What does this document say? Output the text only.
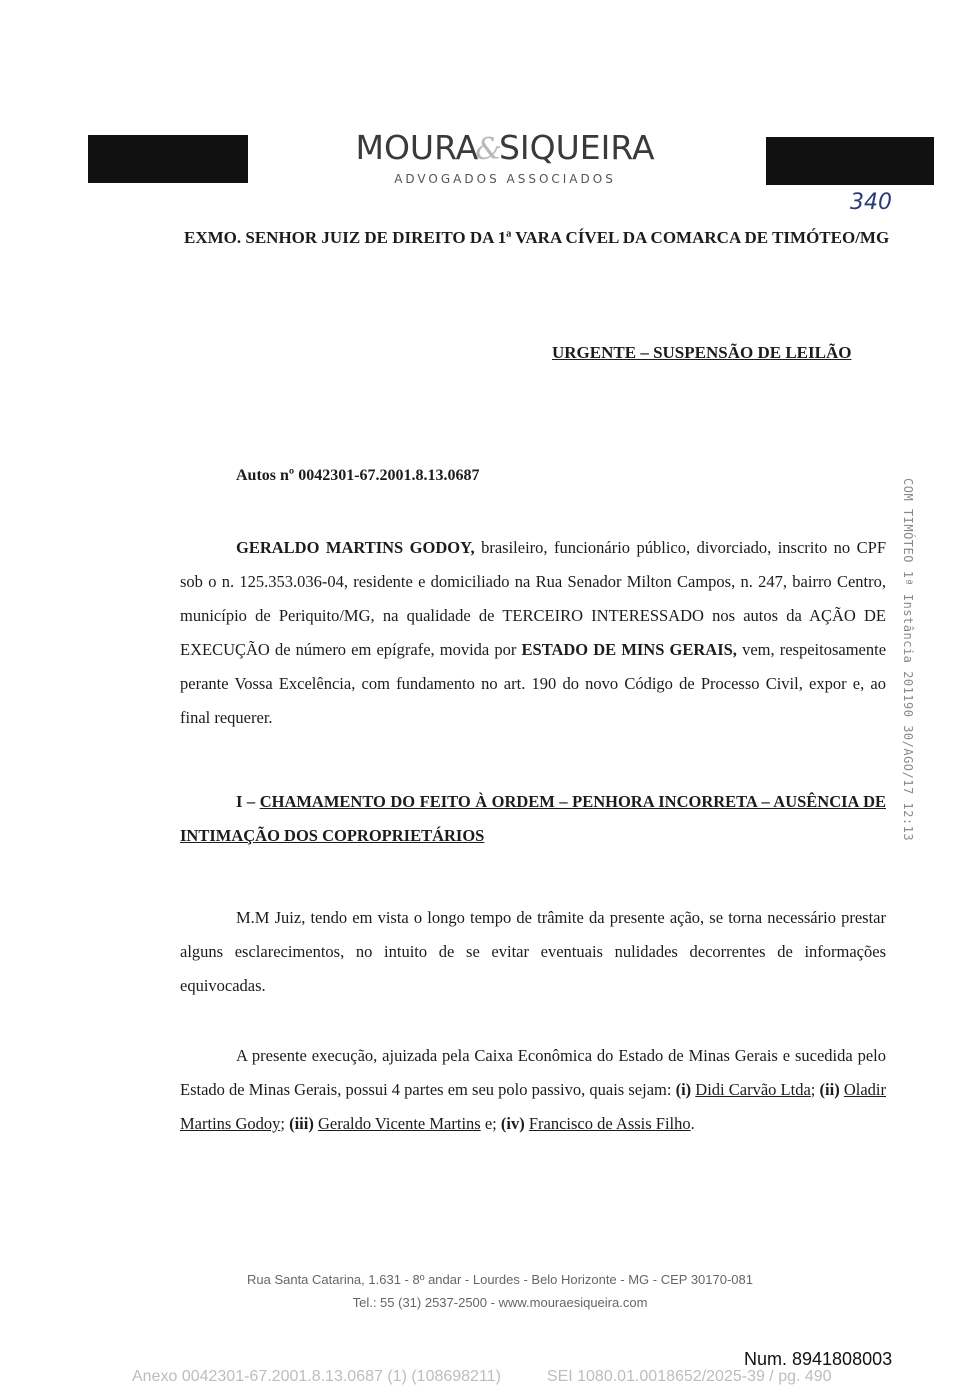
MOURA&SIQUEIRA
ADVOGADOS ASSOCIADOS
340
EXMO. SENHOR JUIZ DE DIREITO DA 1ª VARA CÍVEL DA COMARCA DE TIMÓTEO/MG
URGENTE – SUSPENSÃO DE LEILÃO
Autos nº 0042301-67.2001.8.13.0687
GERALDO MARTINS GODOY, brasileiro, funcionário público, divorciado, inscrito no CPF sob o n. 125.353.036-04, residente e domiciliado na Rua Senador Milton Campos, n. 247, bairro Centro, município de Periquito/MG, na qualidade de TERCEIRO INTERESSADO nos autos da AÇÃO DE EXECUÇÃO de número em epígrafe, movida por ESTADO DE MINS GERAIS, vem, respeitosamente perante Vossa Excelência, com fundamento no art. 190 do novo Código de Processo Civil, expor e, ao final requerer.
I – CHAMAMENTO DO FEITO À ORDEM – PENHORA INCORRETA – AUSÊNCIA DE INTIMAÇÃO DOS COPROPRIETÁRIOS
M.M Juiz, tendo em vista o longo tempo de trâmite da presente ação, se torna necessário prestar alguns esclarecimentos, no intuito de se evitar eventuais nulidades decorrentes de informações equivocadas.
A presente execução, ajuizada pela Caixa Econômica do Estado de Minas Gerais e sucedida pelo Estado de Minas Gerais, possui 4 partes em seu polo passivo, quais sejam: (i) Didi Carvão Ltda; (ii) Oladir Martins Godoy; (iii) Geraldo Vicente Martins e; (iv) Francisco de Assis Filho.
COM TIMÓTEO 1ª Instância 201190 30/AGO/17 12:13
Rua Santa Catarina, 1.631 - 8º andar - Lourdes - Belo Horizonte - MG - CEP 30170-081
Tel.: 55 (31) 2537-2500 - www.mouraesiqueira.com
Num. 8941808003
Anexo 0042301-67.2001.8.13.0687 (1) (108698211)	SEI 1080.01.0018652/2025-39 / pg. 490
